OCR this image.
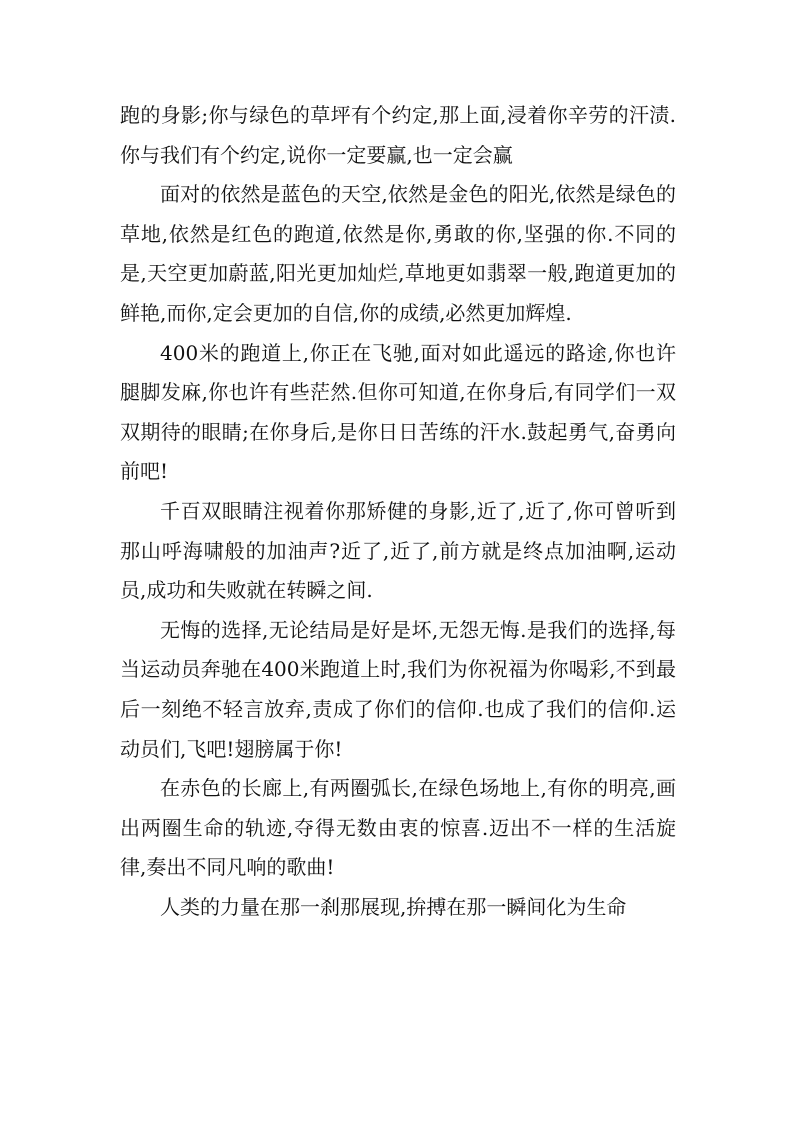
跑的身影;你与绿色的草坪有个约定,那上面,浸着你辛劳的汗渍.你与我们有个约定,说你一定要赢,也一定会赢

面对的依然是蓝色的天空,依然是金色的阳光,依然是绿色的草地,依然是红色的跑道,依然是你,勇敢的你,坚强的你.不同的是,天空更加蔚蓝,阳光更加灿烂,草地更如翡翠一般,跑道更加的鲜艳,而你,定会更加的自信,你的成绩,必然更加辉煌.

400米的跑道上,你正在飞驰,面对如此遥远的路途,你也许腿脚发麻,你也许有些茫然.但你可知道,在你身后,有同学们一双双期待的眼睛;在你身后,是你日日苦练的汗水.鼓起勇气,奋勇向前吧!

千百双眼睛注视着你那矫健的身影,近了,近了,你可曾听到那山呼海啸般的加油声?近了,近了,前方就是终点加油啊,运动员,成功和失败就在转瞬之间.

无悔的选择,无论结局是好是坏,无怨无悔.是我们的选择,每当运动员奔驰在400米跑道上时,我们为你祝福为你喝彩,不到最后一刻绝不轻言放弃,责成了你们的信仰.也成了我们的信仰.运动员们,飞吧!翅膀属于你!

在赤色的长廊上,有两圈弧长,在绿色场地上,有你的明亮,画出两圈生命的轨迹,夺得无数由衷的惊喜.迈出不一样的生活旋律,奏出不同凡响的歌曲!

人类的力量在那一刹那展现,拚搏在那一瞬间化为生命
